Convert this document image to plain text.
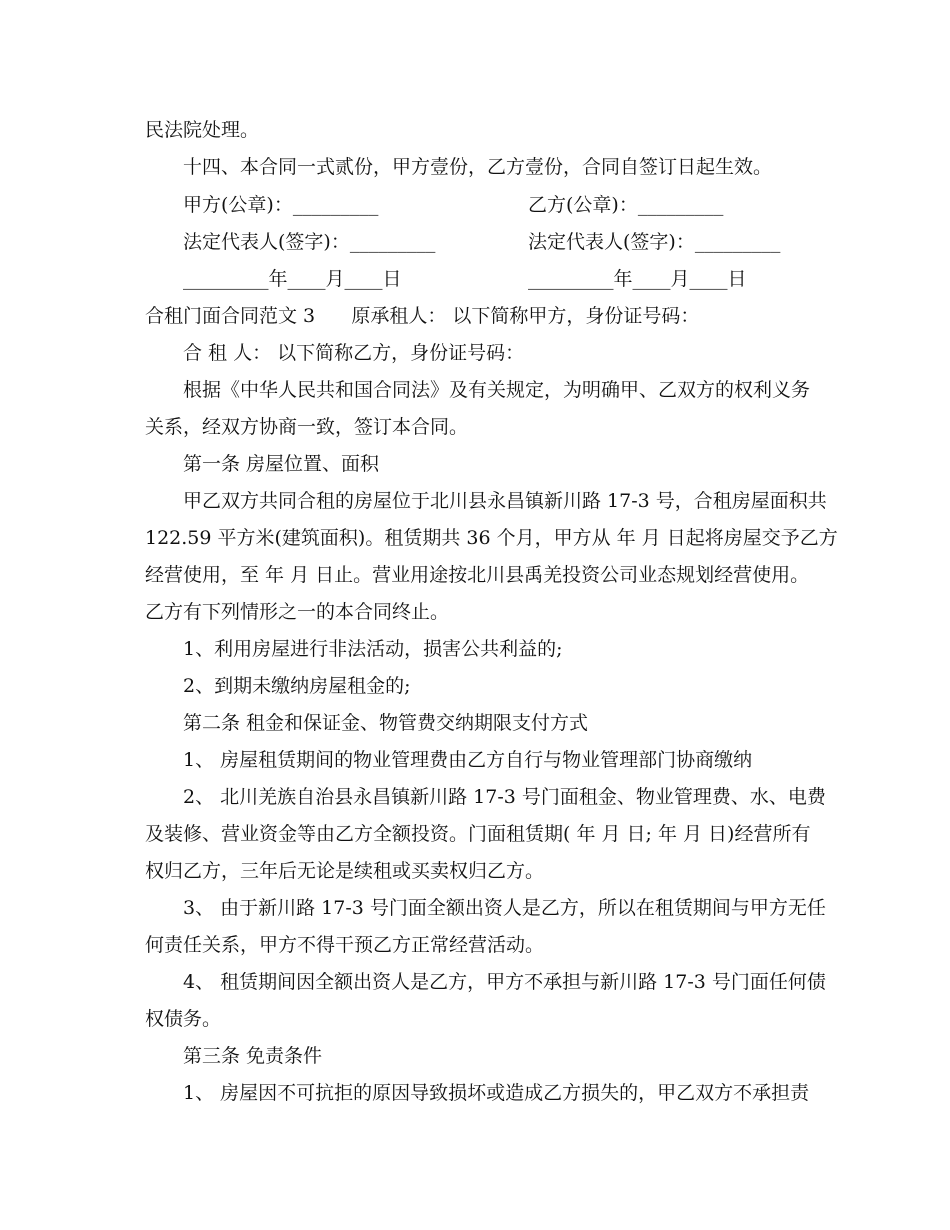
民法院处理。
十四、本合同一式贰份，甲方壹份，乙方壹份，合同自签订日起生效。
甲方(公章)：_________	乙方(公章)：_________
法定代表人(签字)：_________	法定代表人(签字)：_________
_________年____月____日	_________年____月____日
合租门面合同范文 3      原承租人： 以下简称甲方，身份证号码：
合 租 人： 以下简称乙方，身份证号码：
根据《中华人民共和国合同法》及有关规定，为明确甲、乙双方的权利义务
关系，经双方协商一致，签订本合同。
第一条 房屋位置、面积
甲乙双方共同合租的房屋位于北川县永昌镇新川路 17-3 号，合租房屋面积共
122.59 平方米(建筑面积)。租赁期共 36 个月，甲方从 年 月 日起将房屋交予乙方
经营使用，至 年 月 日止。营业用途按北川县禹羌投资公司业态规划经营使用。
乙方有下列情形之一的本合同终止。
1、利用房屋进行非法活动，损害公共利益的;
2、到期未缴纳房屋租金的;
第二条 租金和保证金、物管费交纳期限支付方式
1、 房屋租赁期间的物业管理费由乙方自行与物业管理部门协商缴纳
2、 北川羌族自治县永昌镇新川路 17-3 号门面租金、物业管理费、水、电费
及装修、营业资金等由乙方全额投资。门面租赁期( 年 月 日; 年 月 日)经营所有
权归乙方，三年后无论是续租或买卖权归乙方。
3、 由于新川路 17-3 号门面全额出资人是乙方，所以在租赁期间与甲方无任
何责任关系，甲方不得干预乙方正常经营活动。
4、 租赁期间因全额出资人是乙方，甲方不承担与新川路 17-3 号门面任何债
权债务。
第三条 免责条件
1、 房屋因不可抗拒的原因导致损坏或造成乙方损失的，甲乙双方不承担责
